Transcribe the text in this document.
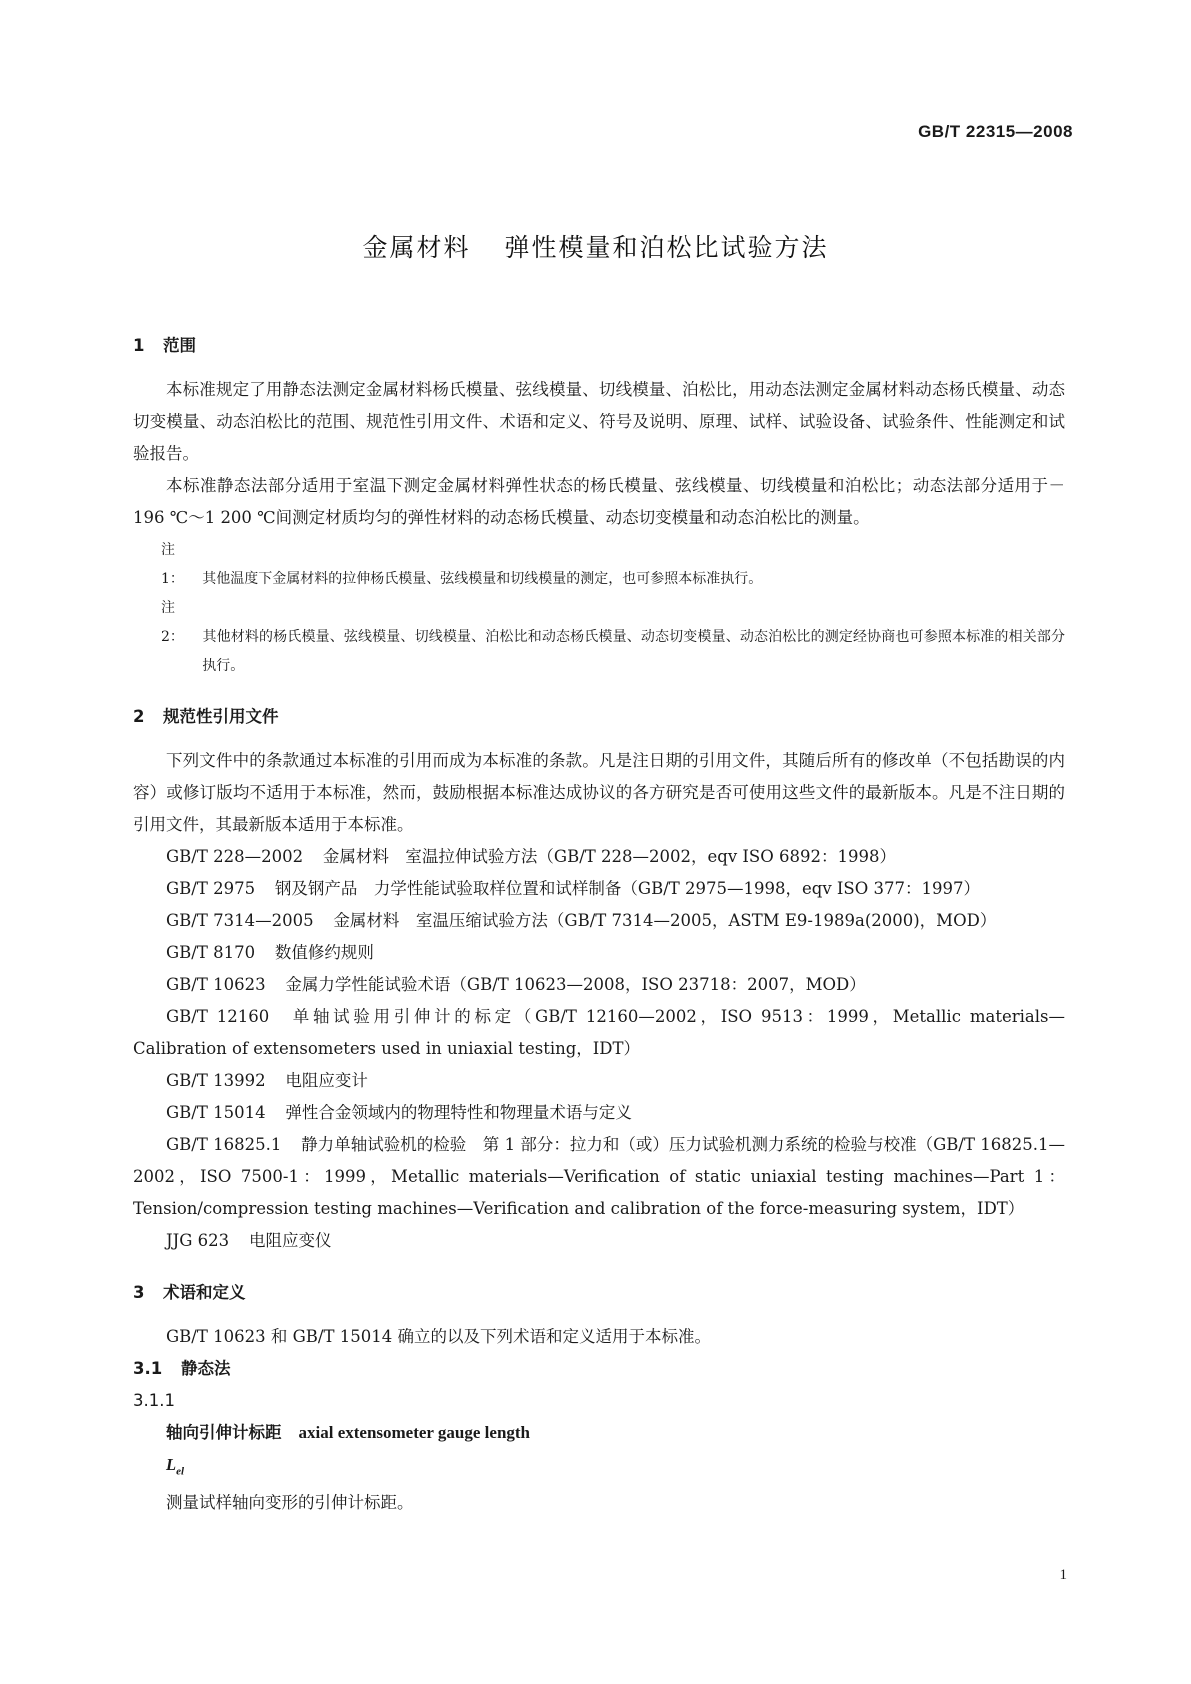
GB/T 22315—2008
金属材料 弹性模量和泊松比试验方法
1 范围

本标准规定了用静态法测定金属材料杨氏模量、弦线模量、切线模量、泊松比，用动态法测定金属材料动态杨氏模量、动态切变模量、动态泊松比的范围、规范性引用文件、术语和定义、符号及说明、原理、试样、试验设备、试验条件、性能测定和试验报告。

本标准静态法部分适用于室温下测定金属材料弹性状态的杨氏模量、弦线模量、切线模量和泊松比；动态法部分适用于－196 ℃～1 200 ℃间测定材质均匀的弹性材料的动态杨氏模量、动态切变模量和动态泊松比的测量。

注 1： 其他温度下金属材料的拉伸杨氏模量、弦线模量和切线模量的测定，也可参照本标准执行。
注 2： 其他材料的杨氏模量、弦线模量、切线模量、泊松比和动态杨氏模量、动态切变模量、动态泊松比的测定经协商也可参照本标准的相关部分执行。
2 规范性引用文件

下列文件中的条款通过本标准的引用而成为本标准的条款。凡是注日期的引用文件，其随后所有的修改单（不包括勘误的内容）或修订版均不适用于本标准，然而，鼓励根据本标准达成协议的各方研究是否可使用这些文件的最新版本。凡是不注日期的引用文件，其最新版本适用于本标准。

GB/T 228—2002 金属材料　室温拉伸试验方法（GB/T 228—2002，eqv ISO 6892：1998）

GB/T 2975 钢及钢产品　力学性能试验取样位置和试样制备（GB/T 2975—1998，eqv ISO 377：1997）

GB/T 7314—2005 金属材料　室温压缩试验方法（GB/T 7314—2005，ASTM E9-1989a(2000)，MOD）

GB/T 8170 数值修约规则

GB/T 10623 金属力学性能试验术语（GB/T 10623—2008，ISO 23718：2007，MOD）

GB/T 12160 单轴试验用引伸计的标定（GB/T 12160—2002，ISO 9513：1999，Metallic materials—Calibration of extensometers used in uniaxial testing，IDT）

GB/T 13992 电阻应变计

GB/T 15014 弹性合金领域内的物理特性和物理量术语与定义

GB/T 16825.1 静力单轴试验机的检验　第 1 部分：拉力和（或）压力试验机测力系统的检验与校准（GB/T 16825.1—2002，ISO 7500-1：1999，Metallic materials—Verification of static uniaxial testing machines—Part 1：Tension/compression testing machines—Verification and calibration of the force-measuring system，IDT）

JJG 623 电阻应变仪

3 术语和定义

GB/T 10623 和 GB/T 15014 确立的以及下列术语和定义适用于本标准。

3.1 静态法
3.1.1
轴向引伸计标距 axial extensometer gauge length
$L_{el}$
测量试样轴向变形的引伸计标距。
1
